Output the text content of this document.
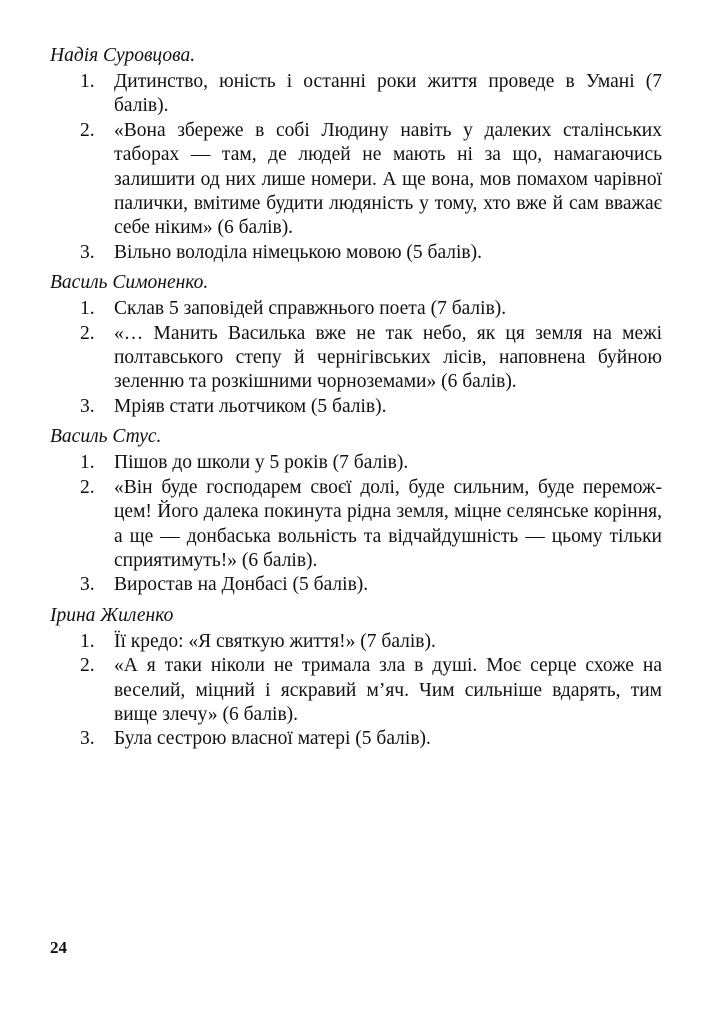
Надія Суровцова.

1. Дитинство, юність і останні роки життя проведе в Умані (7 балів).
2. «Вона збереже в собі Людину навіть у далеких сталінських таборах — там, де людей не мають ні за що, намагаючись залишити од них лише номери. А ще вона, мов помахом чарівної палички, вмітиме будити людяність у тому, хто вже й сам вважає себе ніким» (6 балів).
3. Вільно володіла німецькою мовою (5 балів).

Василь Симоненко.

1. Склав 5 заповідей справжнього поета (7 балів).
2. «… Манить Василька вже не так небо, як ця земля на межі полтавського степу й чернігівських лісів, наповнена буйною зеленню та розкішними чорноземами» (6 балів).
3. Мріяв стати льотчиком (5 балів).

Василь Стус.

1. Пішов до школи у 5 років (7 балів).
2. «Він буде господарем своєї долі, буде сильним, буде перемож-цем! Його далека покинута рідна земля, міцне селянське коріння, а ще — донбаська вольність та відчайдушність — цьому тільки сприятимуть!» (6 балів).
3. Виростав на Донбасі (5 балів).

Ірина Жиленко

1. Її кредо: «Я святкую життя!» (7 балів).
2. «А я таки ніколи не тримала зла в душі. Моє серце схоже на веселий, міцний і яскравий м’яч. Чим сильніше вдарять, тим вище злечу» (6 балів).
3. Була сестрою власної матері (5 балів).
24
